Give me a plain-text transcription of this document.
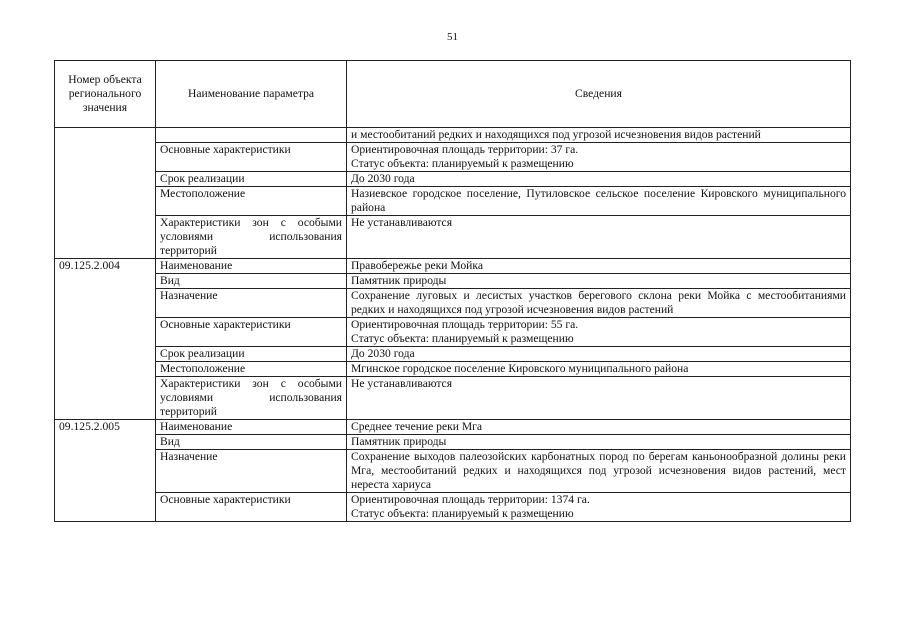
51
Номер объекта регионального значения	Наименование параметра	Сведения

		и местообитаний редких и находящихся под угрозой исчезновения видов растений

	Основные характеристики	Ориентировочная площадь территории: 37 га.
Статус объекта: планируемый к размещению

	Срок реализации	До 2030 года

	Местоположение	Назиевское городское поселение, Путиловское сельское поселение Кировского муниципального района

	Характеристики зон с особыми условиями использования территорий	Не устанавливаются

09.125.2.004	Наименование	Правобережье реки Мойка

	Вид	Памятник природы

	Назначение	Сохранение луговых и лесистых участков берегового склона реки Мойка с местообитаниями редких и находящихся под угрозой исчезновения видов растений

	Основные характеристики	Ориентировочная площадь территории: 55 га.
Статус объекта: планируемый к размещению

	Срок реализации	До 2030 года

	Местоположение	Мгинское городское поселение Кировского муниципального района

	Характеристики зон с особыми условиями использования территорий	Не устанавливаются

09.125.2.005	Наименование	Среднее течение реки Мга

	Вид	Памятник природы

	Назначение	Сохранение выходов палеозойских карбонатных пород по берегам каньонообразной долины реки Мга, местообитаний редких и находящихся под угрозой исчезновения видов растений, мест нереста хариуса

	Основные характеристики	Ориентировочная площадь территории: 1374 га.
Статус объекта: планируемый к размещению
